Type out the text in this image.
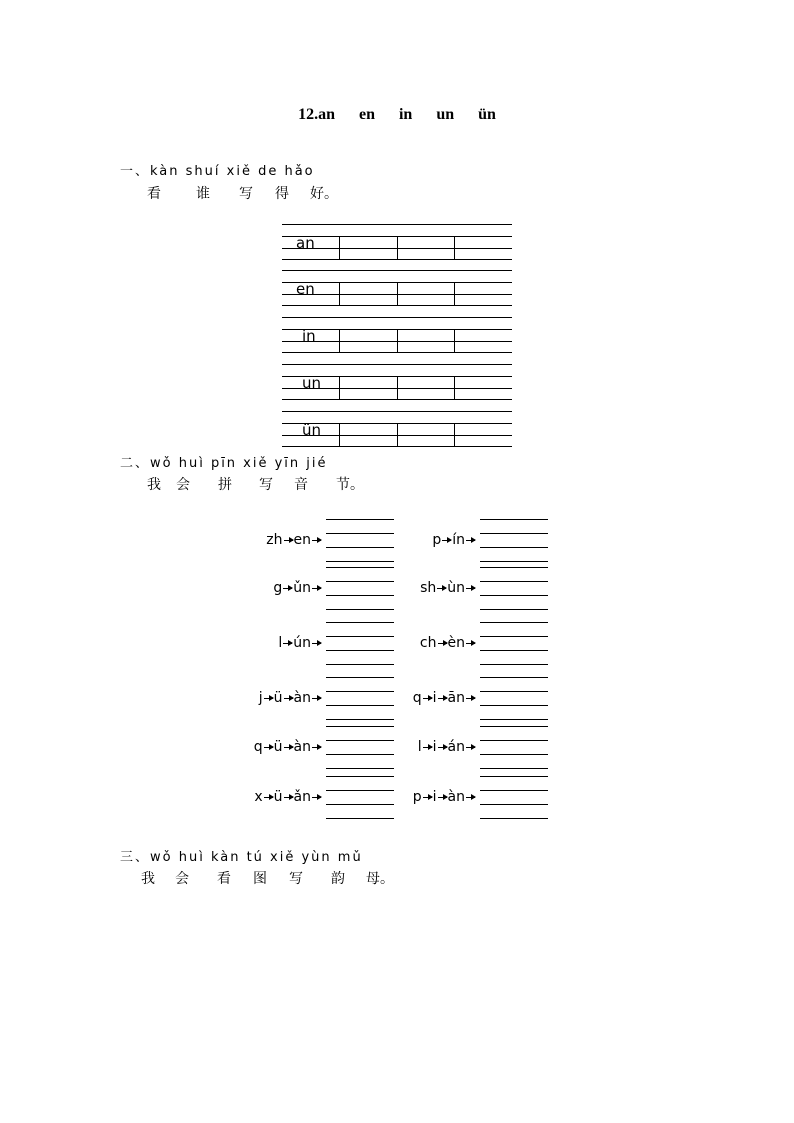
12.an en in un ün
一、kàn shuí xiě de hǎo
看	谁 写 得 好。
an
en
in
un
ün
二、wǒ huì pīn xiě yīn jié
我 会 拼 写 音 节。
zh en
g ǔn
l ún
j ü àn
q ü àn
x ü ǎn
p ín
sh ùn
ch èn
q i ān
l i án
p i àn
三、wǒ huì kàn tú xiě yùn mǔ
我 会 看 图 写 韵 母。
